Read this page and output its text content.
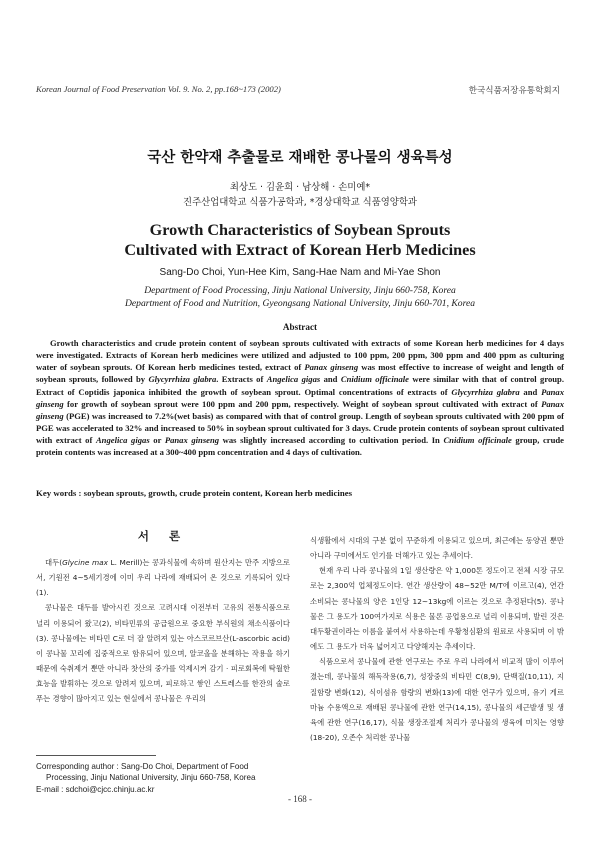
Korean Journal of Food Preservation Vol. 9. No. 2, pp.168~173 (2002)	한국식품저장유통학회지
국산 한약재 추출물로 재배한 콩나물의 생육특성
최상도 · 김윤희 · 남상해 · 손미예*
진주산업대학교 식품가공학과, *경상대학교 식품영양학과
Growth Characteristics of Soybean Sprouts
Cultivated with Extract of Korean Herb Medicines
Sang-Do Choi, Yun-Hee Kim, Sang-Hae Nam and Mi-Yae Shon
Department of Food Processing, Jinju National University, Jinju 660-758, Korea
Department of Food and Nutrition, Gyeongsang National University, Jinju 660-701, Korea
Abstract

Growth characteristics and crude protein content of soybean sprouts cultivated with extracts of some Korean herb medicines for 4 days were investigated. Extracts of Korean herb medicines were utilized and adjusted to 100 ppm, 200 ppm, 300 ppm and 400 ppm as culturing water of soybean sprouts. Of Korean herb medicines tested, extract of Panax ginseng was most effective to increase of weight and length of soybean sprouts, followed by Glycyrrhiza glabra. Extracts of Angelica gigas and Cnidium officinale were similar with that of control group. Extract of Coptidis japonica inhibited the growth of soybean sprout. Optimal concentrations of extracts of Glycyrrhiza glabra and Panax ginseng for growth of soybean sprout were 100 ppm and 200 ppm, respectively. Weight of soybean sprout cultivated with extract of Panax ginseng (PGE) was increased to 7.2%(wet basis) as compared with that of control group. Length of soybean sprouts cultivated with 200 ppm of PGE was accelerated to 32% and increased to 50% in soybean sprout cultivated for 3 days. Crude protein contents of soybean sprout cultivated with extract of Angelica gigas or Panax ginseng was slightly increased according to cultivation period. In Cnidium officinale group, crude protein contents was increased at a 300~400 ppm concentration and 4 days of cultivation.

Key words : soybean sprouts, growth, crude protein content, Korean herb medicines
서 론

대두(Glycine max L. Merill)는 콩과식물에 속하며 원산지는 만주 지방으로서, 기원전 4~5세기경에 이미 우리 나라에 재배되어 온 것으로 기록되어 있다(1).

콩나물은 대두를 발아시킨 것으로 고려시대 이전부터 고유의 전통식품으로 널리 이용되어 왔고(2), 비타민류의 공급원으로 중요한 부식원의 채소식품이다(3). 콩나물에는 비타민 C로 더 잘 알려져 있는 아스코르브산(L-ascorbic acid)이 콩나물 꼬리에 집중적으로 함유되어 있으며, 알코올을 분해하는 작용을 하기 때문에 숙취제거 뿐만 아니라 찻산의 중가를 억제시켜 감기 · 피로회복에 탁월한 효능을 발휘하는 것으로 알려져 있으며, 피로하고 쌓인 스트레스를 한잔의 술로 푸는 경향이 많아지고 있는 현실에서 콩나물은 우리의

식생활에서 시대의 구분 없이 꾸준하게 이용되고 있으며, 최근에는 동양권 뿐만 아니라 구미에서도 인기를 더해가고 있는 추세이다.

현재 우리 나라 콩나물의 1일 생산량은 약 1,000톤 정도이고 전체 시장 규모로는 2,300억 업체정도이다. 연간 생산량이 48~52만 M/T에 이르고(4), 연간 소비되는 콩나물의 양은 1인당 12~13kg에 이르는 것으로 추정된다(5). 콩나물은 그 용도가 100여가지로 식용은 물론 공업용으로 널리 이용되며, 발린 것은 대두황권이라는 이름을 붙여서 사용하는데 우황청심환의 원료로 사용되며 이 밖에도 그 용도가 더욱 넓어지고 다양해지는 추세이다.

식품으로서 콩나물에 관한 연구로는 주로 우리 나라에서 비교적 많이 이루어졌는데, 콩나물의 해독작용(6,7), 성장중의 비타민 C(8,9), 단백질(10,11), 지질함량 변화(12), 식이섬유 함량의 변화(13)에 대한 연구가 있으며, 유기 게르마늄 수용액으로 재배된 콩나물에 관한 연구(14,15), 콩나물의 세근발생 및 생육에 관한 연구(16,17), 식물 생장조절제 처리가 콩나물의 생육에 미치는 영향(18-20), 오존수 처리한 콩나물

Corresponding author : Sang-Do Choi, Department of Food
Processing, Jinju National University, Jinju 660-758, Korea
E-mail : sdchoi@cjcc.chinju.ac.kr
- 168 -
